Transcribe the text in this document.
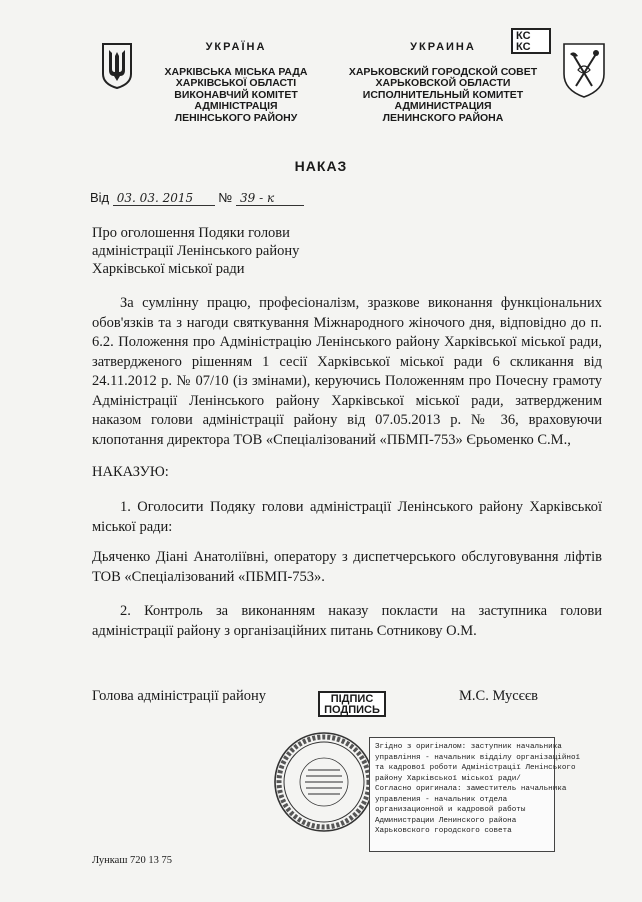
УКРАЇНА
ХАРКІВСЬКА МІСЬКА РАДА
ХАРКІВСЬКОЇ ОБЛАСТІ
ВИКОНАВЧИЙ КОМІТЕТ
АДМІНІСТРАЦІЯ
ЛЕНІНСЬКОГО РАЙОНУ
УКРАИНА
ХАРЬКОВСКИЙ ГОРОДСКОЙ СОВЕТ
ХАРЬКОВСКОЙ ОБЛАСТИ
ИСПОЛНИТЕЛЬНЫЙ КОМИТЕТ
АДМИНИСТРАЦИЯ
ЛЕНИНСКОГО РАЙОНА
КС
КС
НАКАЗ
Від 03. 03. 2015 № 39 - к
Про оголошення Подяки голови адміністрації Ленінського району Харківської міської ради
За сумлінну працю, професіоналізм, зразкове виконання функціональних обов'язків та з нагоди святкування Міжнародного жіночого дня, відповідно до п. 6.2. Положення про Адміністрацію Ленінського району Харківської міської ради, затвердженого рішенням 1 сесії Харківської міської ради 6 скликання від 24.11.2012 р. № 07/10 (із змінами), керуючись Положенням про Почесну грамоту Адміністрації Ленінського району Харківської міської ради, затвердженим наказом голови адміністрації району від 07.05.2013 р. № 36, враховуючи клопотання директора ТОВ «Спеціалізований «ПБМП-753» Єрьоменко С.М.,
НАКАЗУЮ:
1. Оголосити Подяку голови адміністрації Ленінського району Харківської міської ради:
Дьяченко Діані Анатоліївні, оператору з диспетчерського обслуговування ліфтів ТОВ «Спеціалізований «ПБМП-753».
2. Контроль за виконанням наказу покласти на заступника голови адміністрації району з організаційних питань Сотникову О.М.
Голова адміністрації району	ПІДПИС
ПОДПИСЬ
М.С. Мусєєв
Згідно з оригіналом: заступник начальника
управління - начальник відділу організаційної
та кадрової роботи Адміністрації Ленінського
району Харківської міської ради/
Согласно оригинала: заместитель начальника
управления - начальник отдела
организационной и кадровой работы
Администрации Ленинского района
Харьковского городского совета
Лункаш 720 13 75
